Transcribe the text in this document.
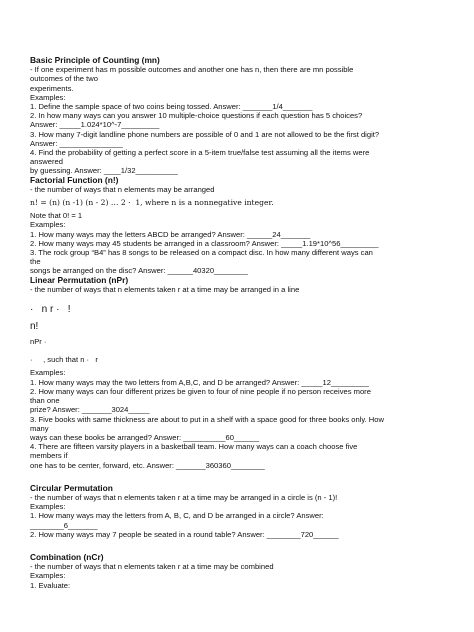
Basic Principle of Counting (mn)
- If one experiment has m possible outcomes and another one has n, then there are mn possible
outcomes of the two
experiments.
Examples:
1. Define the sample space of two coins being tossed. Answer: _______1/4_______
2. In how many ways can you answer 10 multiple-choice questions if each question has 5 choices?
Answer: _____1.024*10^-7_________
3. How many 7-digit landline phone numbers are possible of 0 and 1 are not allowed to be the first digit?
Answer: _______________
4. Find the probability of getting a perfect score in a 5-item true/false test assuming all the items were
answered
by guessing. Answer: ____1/32__________
Factorial Function (n!)
- the number of ways that n elements may be arranged
n! = (n) (n -1) (n - 2) … 2 ·  1, where n is a nonnegative integer.
Note that 0! = 1
Examples:
1. How many ways may the letters ABCD be arranged? Answer: ______24_______
2. How many ways may 45 students be arranged in a classroom? Answer: _____1.19*10^56_________
3. The rock group “B4” has 8 songs to be released on a compact disc. In how many different ways can
the
songs be arranged on the disc? Answer: ______40320________
Linear Permutation (nPr)
- the number of ways that n elements taken r at a time may be arranged in a line
·   n r ·   !
n!
nPr ·
·     , such that n ·   r
Examples:
1. How many ways may the two letters from A,B,C, and D be arranged? Answer: _____12_________
2. How many ways can four different prizes be given to four of nine people if no person receives more
than one
prize? Answer: _______3024_____
3. Five books with same thickness are about to put in a shelf with a space good for three books only. How
many
ways can these books be arranged? Answer: __________60______
4. There are fifteen varsity players in a basketball team. How many ways can a coach choose five
members if
one has to be center, forward, etc. Answer: _______360360________
Circular Permutation
- the number of ways that n elements taken r at a time may be arranged in a circle is (n - 1)!
Examples:
1. How many ways may the letters from A, B, C, and D be arranged in a circle? Answer:
________6_______
2. How many ways may 7 people be seated in a round table? Answer: ________720______
Combination (nCr)
- the number of ways that n elements taken r at a time may be combined
Examples:
1. Evaluate:
